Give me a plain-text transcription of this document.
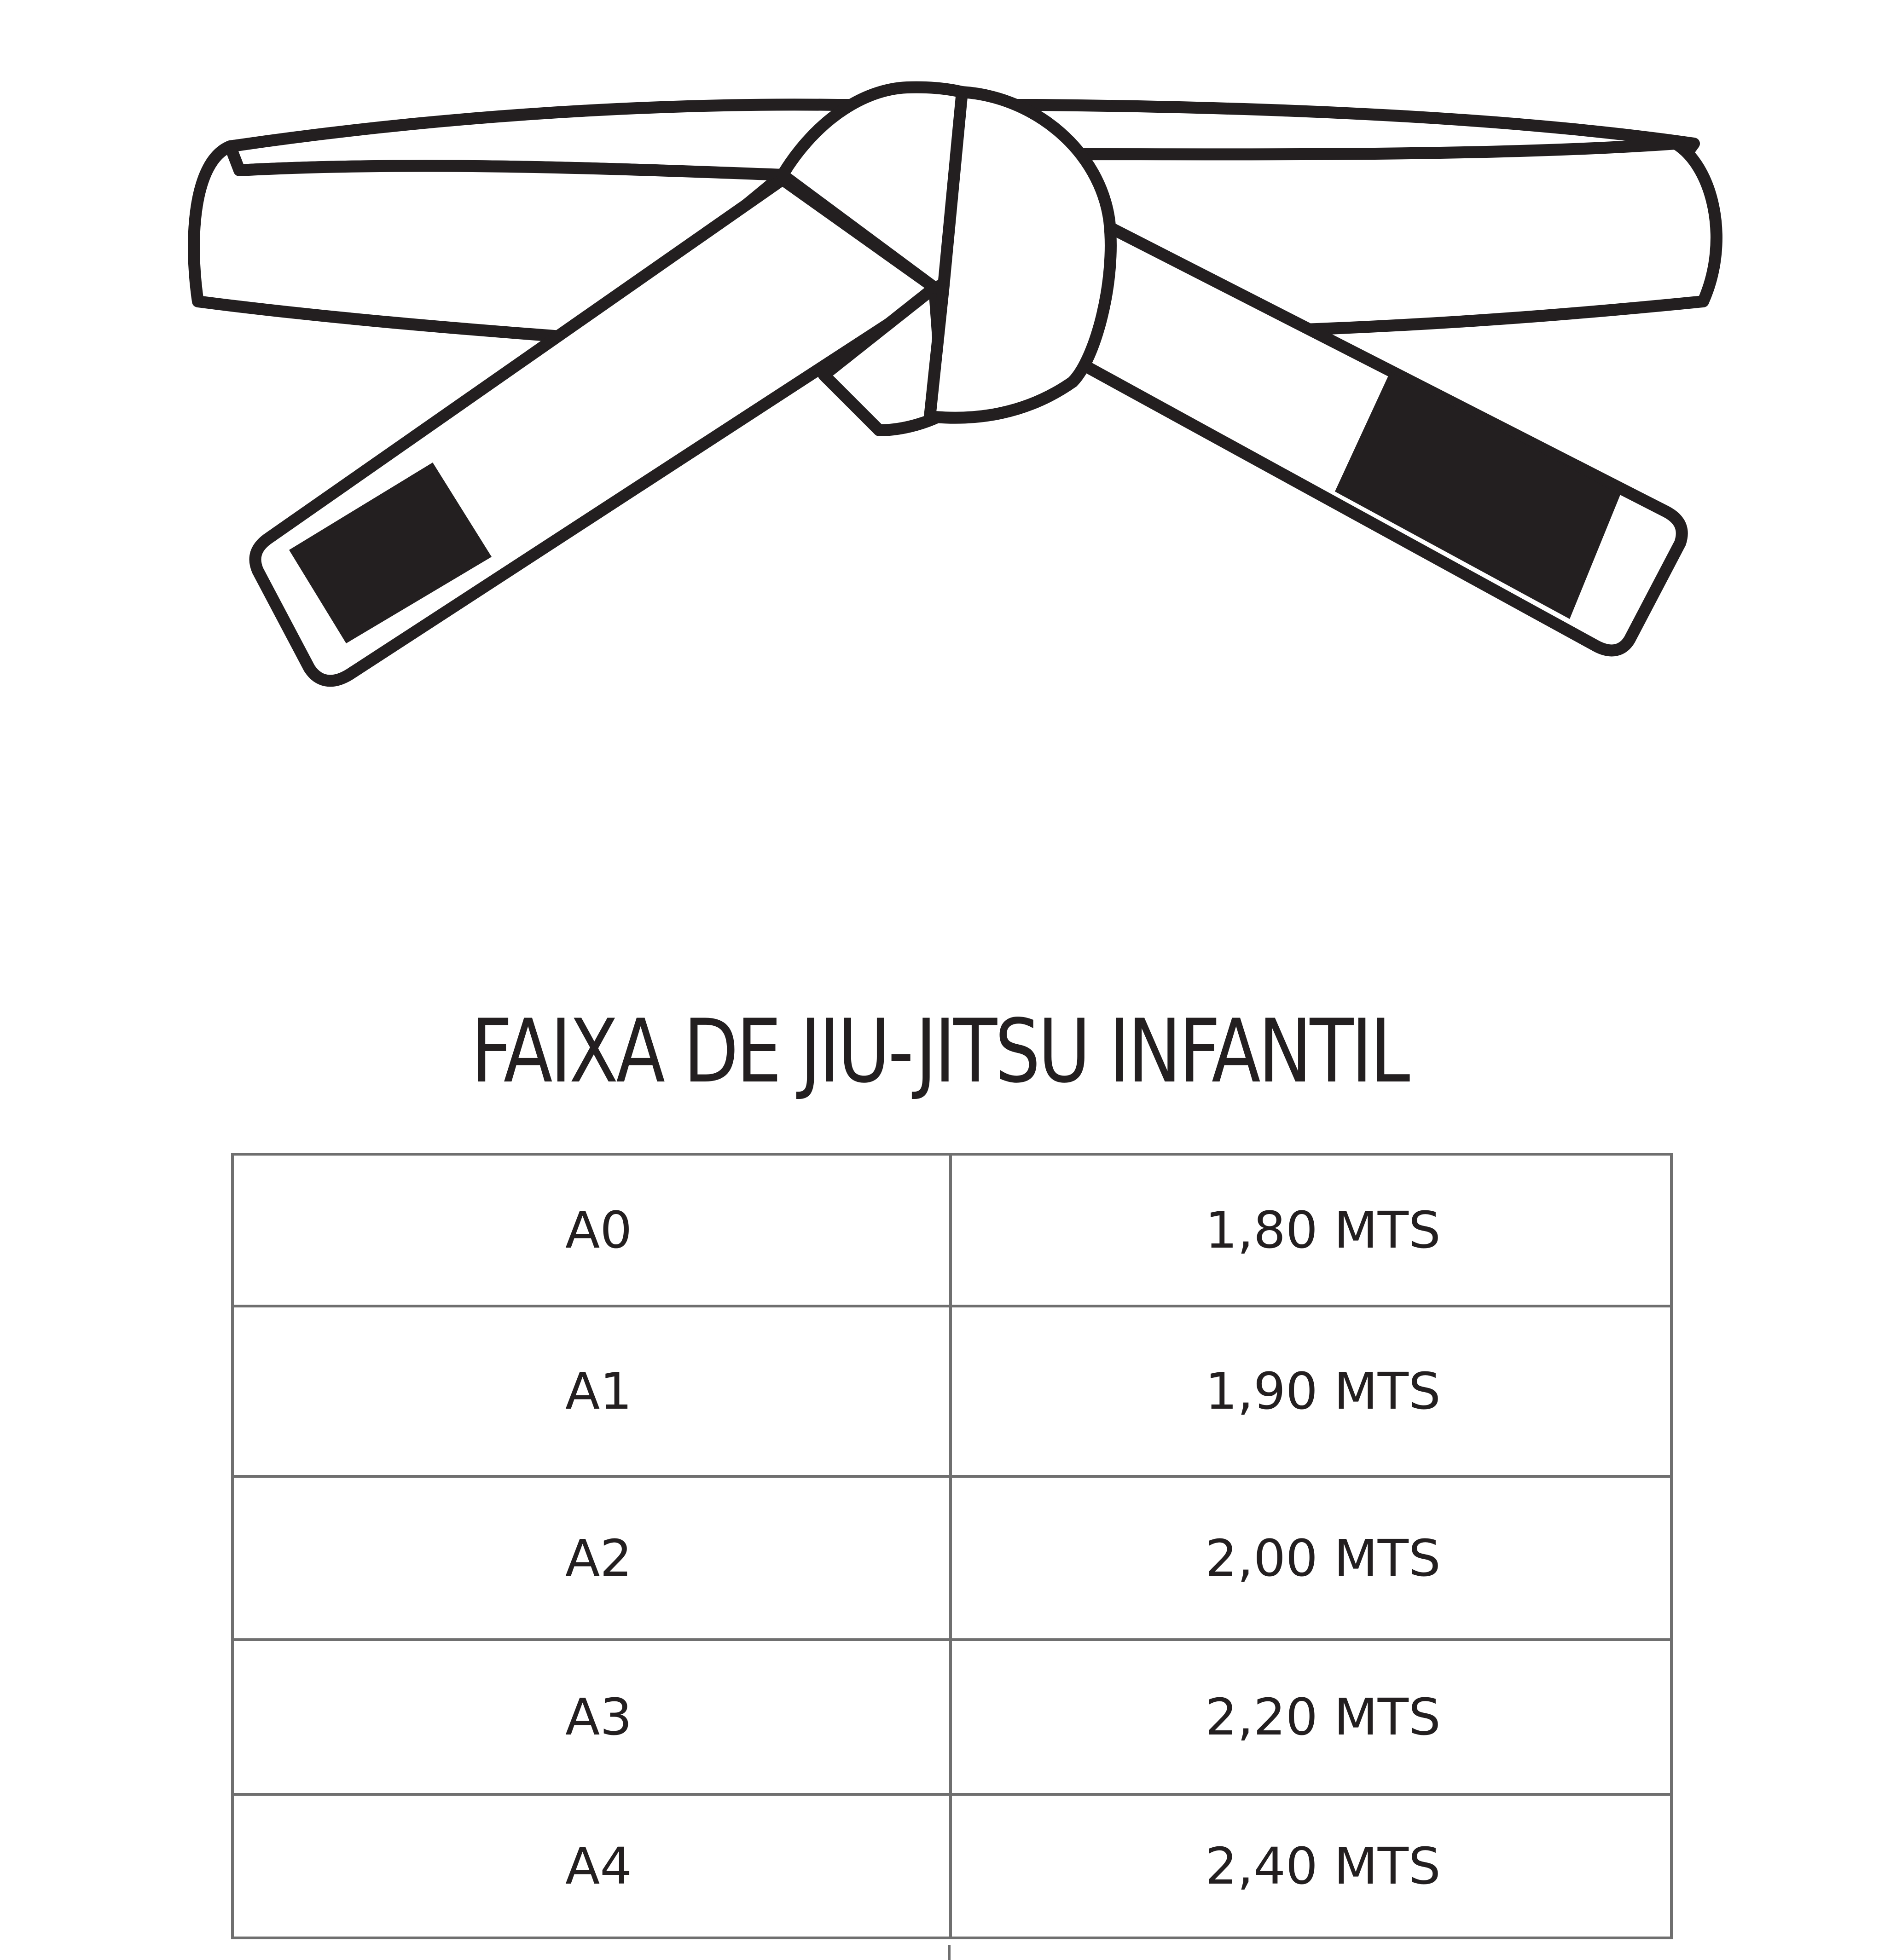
FAIXA DE JIU-JITSU INFANTIL
A0	1,80 MTS
A1	1,90 MTS
A2	2,00 MTS
A3	2,20 MTS
A4	2,40 MTS
